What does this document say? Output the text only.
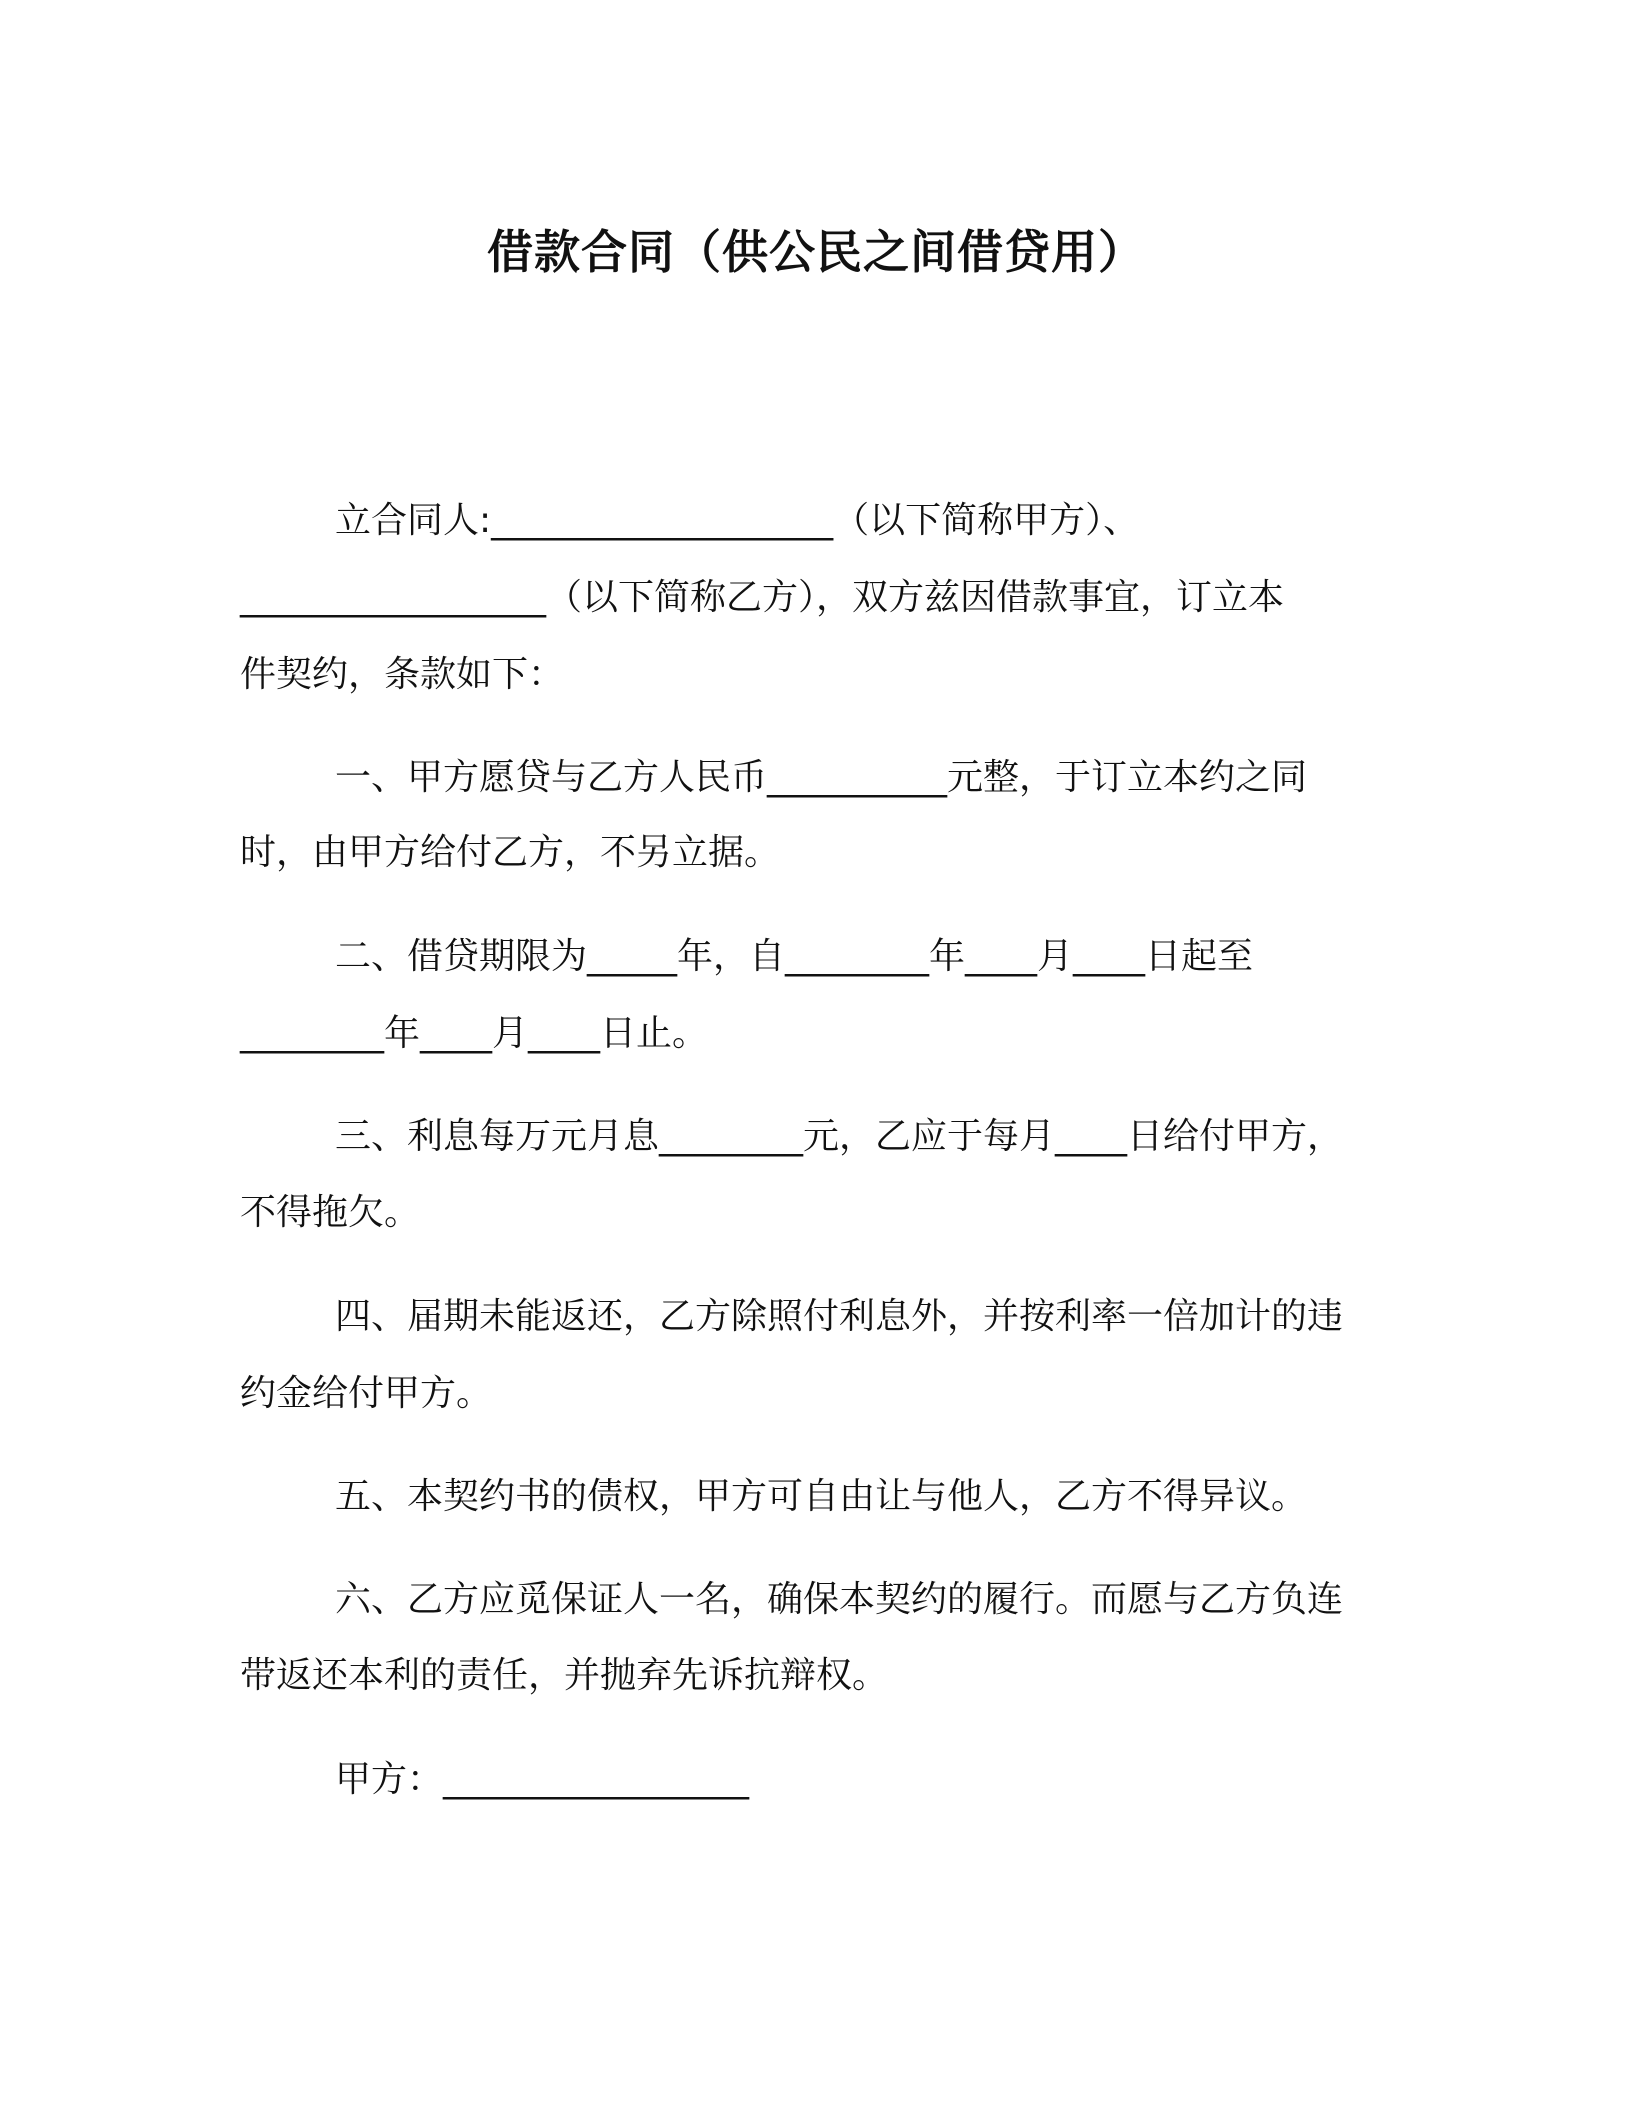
借款合同（供公民之间借贷用）
立合同人:___________________（以下简称甲方）、
_________________（以下简称乙方），双方兹因借款事宜，订立本
件契约，条款如下：
一、甲方愿贷与乙方人民币__________元整，于订立本约之同
时，由甲方给付乙方，不另立据。
二、借贷期限为_____年，自________年____月____日起至
________年____月____日止。
三、利息每万元月息________元，乙应于每月____日给付甲方，
不得拖欠。
四、届期未能返还，乙方除照付利息外，并按利率一倍加计的违
约金给付甲方。
五、本契约书的债权，甲方可自由让与他人，乙方不得异议。
六、乙方应觅保证人一名，确保本契约的履行。而愿与乙方负连
带返还本利的责任，并抛弃先诉抗辩权。
甲方：_________________
